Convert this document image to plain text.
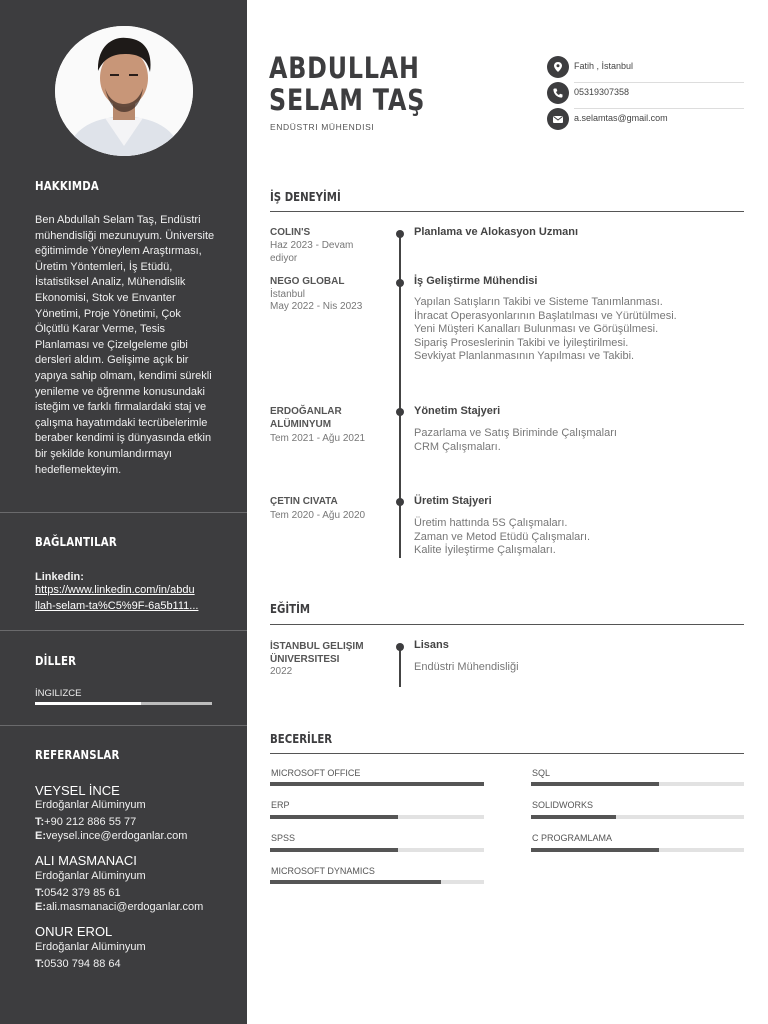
HAKKIMDA
Ben Abdullah Selam Taş, Endüstri mühendisliği mezunuyum. Üniversite eğitimimde Yöneylem Araştırması, Üretim Yöntemleri, İş Etüdü, İstatistiksel Analiz, Mühendislik Ekonomisi, Stok ve Envanter Yönetimi, Proje Yönetimi, Çok Ölçütlü Karar Verme, Tesis Planlaması ve Çizelgeleme gibi dersleri aldım. Gelişime açık bir yapıya sahip olmam, kendimi sürekli yenileme ve öğrenme konusundaki isteğim ve farklı firmalardaki staj ve çalışma hayatımdaki tecrübelerimle beraber kendimi iş dünyasında etkin bir şekilde konumlandırmayı hedeflemekteyim.
BAĞLANTILAR
Linkedin:
https://www.linkedin.com/in/abdu
llah-selam-ta%C5%9F-6a5b111...
DİLLER
İNGILIZCE
REFERANSLAR
VEYSEL İNCE
Erdoğanlar Alüminyum
T:+90 212 886 55 77
E:veysel.ince@erdoganlar.com
ALI MASMANACI
Erdoğanlar Alüminyum
T:0542 379 85 61
E:ali.masmanaci@erdoganlar.com
ONUR EROL
Erdoğanlar Alüminyum
T:0530 794 88 64
ABDULLAH SELAM TAŞ
ENDÜSTRI MÜHENDISI
Fatih , İstanbul
05319307358
a.selamtas@gmail.com
İŞ DENEYİMİ
COLIN'S
Haz 2023 - Devam
ediyor
Planlama ve Alokasyon Uzmanı
NEGO GLOBAL
İstanbul
May 2022 - Nis 2023
İş Geliştirme Mühendisi
Yapılan Satışların Takibi ve Sisteme Tanımlanması.
İhracat Operasyonlarının Başlatılması ve Yürütülmesi.
Yeni Müşteri Kanalları Bulunması ve Görüşülmesi.
Sipariş Proseslerinin Takibi ve İyileştirilmesi.
Sevkiyat Planlanmasının Yapılması ve Takibi.
ERDOĞANLAR ALÜMINYUM
Tem 2021 - Ağu 2021
Yönetim Stajyeri
Pazarlama ve Satış Biriminde Çalışmaları
CRM Çalışmaları.
ÇETIN CIVATA
Tem 2020 - Ağu 2020
Üretim Stajyeri
Üretim hattında 5S Çalışmaları.
Zaman ve Metod Etüdü Çalışmaları.
Kalite İyileştirme Çalışmaları.
EĞİTİM
İSTANBUL GELIŞIM ÜNIVERSITESI
2022
Lisans
Endüstri Mühendisliği
BECERİLER
MICROSOFT OFFICE	SQL
ERP	SOLIDWORKS
SPSS	C PROGRAMLAMA
MICROSOFT DYNAMICS
